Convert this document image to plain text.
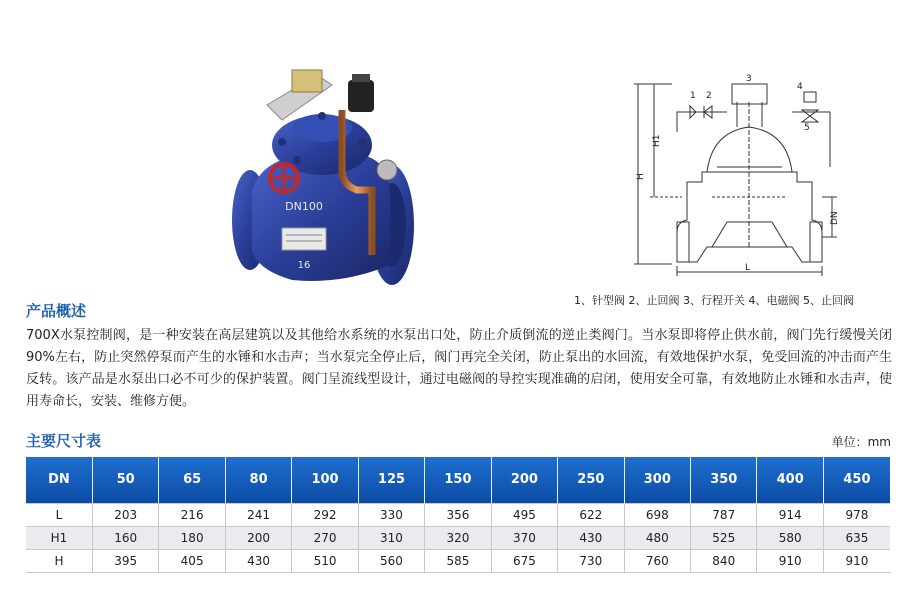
DN100
16
1 2
3
4
5
H1
H
DN
L
1、针型阀 2、止回阀 3、行程开关 4、电磁阀 5、止回阀
产品概述
700X水泵控制阀，是一种安装在高层建筑以及其他给水系统的水泵出口处，防止介质倒流的逆止类阀门。当水泵即将停止供水前，阀门先行缓慢关闭90%左右，防止突然停泵而产生的水锤和水击声；当水泵完全停止后，阀门再完全关闭，防止泵出的水回流，有效地保护水泵，免受回流的冲击而产生反转。该产品是水泵出口必不可少的保护装置。阀门呈流线型设计，通过电磁阀的导控实现准确的启闭，使用安全可靠，有效地防止水锤和水击声，使用寿命长，安装、维修方便。
主要尺寸表	单位：mm
DN	50	65	80	100	125	150	200	250	300	350	400	450
L	203	216	241	292	330	356	495	622	698	787	914	978
H1	160	180	200	270	310	320	370	430	480	525	580	635
H	395	405	430	510	560	585	675	730	760	840	910	910
